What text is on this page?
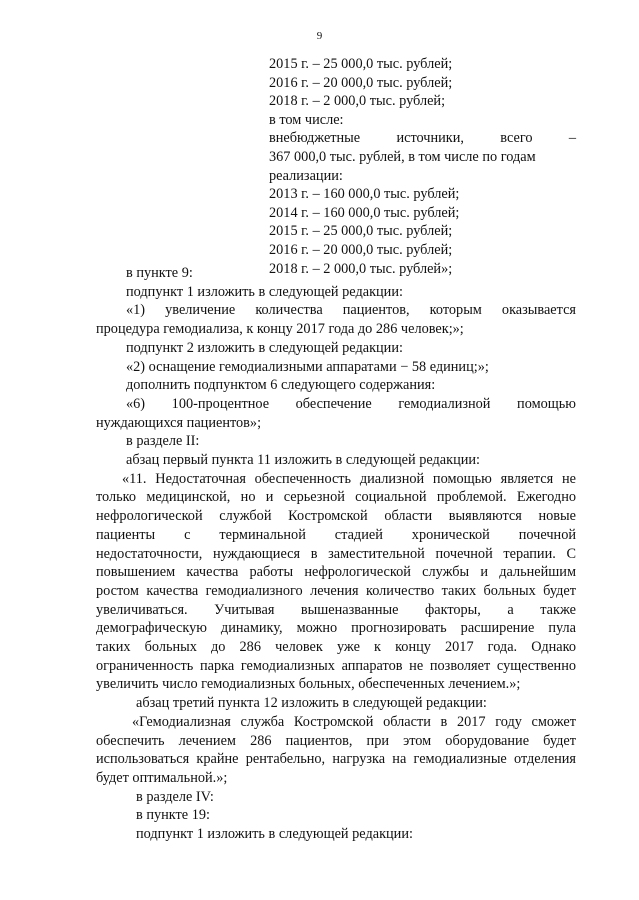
9
2015 г. – 25 000,0 тыс. рублей;
2016 г. – 20 000,0 тыс. рублей;
2018 г. – 2 000,0 тыс. рублей;
в том числе:
внебюджетные	источники,	всего	–
367 000,0 тыс. рублей, в том числе по годам
реализации:
2013 г. – 160 000,0 тыс. рублей;
2014 г. – 160 000,0 тыс. рублей;
2015 г. – 25 000,0 тыс. рублей;
2016 г. – 20 000,0 тыс. рублей;
2018 г. – 2 000,0 тыс. рублей»;
в пункте 9:
подпункт 1 изложить в следующей редакции:
«1) увеличение количества пациентов, которым оказывается
процедура гемодиализа, к концу 2017 года до 286 человек;»;
подпункт 2 изложить в следующей редакции:
«2) оснащение гемодиализными аппаратами − 58 единиц;»;
дополнить подпунктом 6 следующего содержания:
«6) 100-процентное обеспечение гемодиализной помощью
нуждающихся пациентов»;
в разделе II:
абзац первый пункта 11 изложить в следующей редакции:
«11. Недостаточная обеспеченность диализной помощью является не
только медицинской, но и серьезной социальной проблемой. Ежегодно
нефрологической службой Костромской области выявляются новые
пациенты с терминальной стадией хронической почечной
недостаточности, нуждающиеся в заместительной почечной терапии. С
повышением качества работы нефрологической службы и дальнейшим
ростом качества гемодиализного лечения количество таких больных будет
увеличиваться. Учитывая вышеназванные факторы, а также
демографическую динамику, можно прогнозировать расширение пула
таких больных до 286 человек уже к концу 2017 года. Однако
ограниченность парка гемодиализных аппаратов не позволяет существенно
увеличить число гемодиализных больных, обеспеченных лечением.»;
абзац третий пункта 12 изложить в следующей редакции:
«Гемодиализная служба Костромской области в 2017 году сможет
обеспечить лечением 286 пациентов, при этом оборудование будет
использоваться крайне рентабельно, нагрузка на гемодиализные отделения
будет оптимальной.»;
в разделе IV:
в пункте 19:
подпункт 1 изложить в следующей редакции:
